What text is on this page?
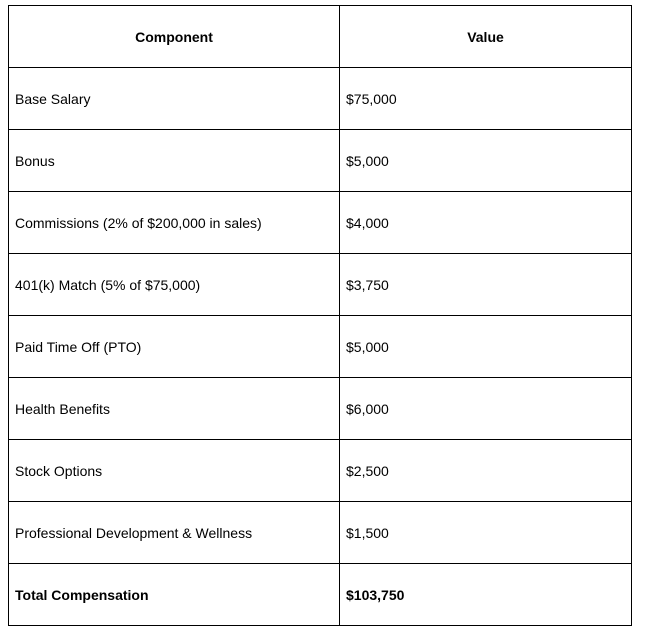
Component	Value
Base Salary	$75,000
Bonus	$5,000
Commissions (2% of $200,000 in sales)	$4,000
401(k) Match (5% of $75,000)	$3,750
Paid Time Off (PTO)	$5,000
Health Benefits	$6,000
Stock Options	$2,500
Professional Development & Wellness	$1,500
Total Compensation	$103,750
